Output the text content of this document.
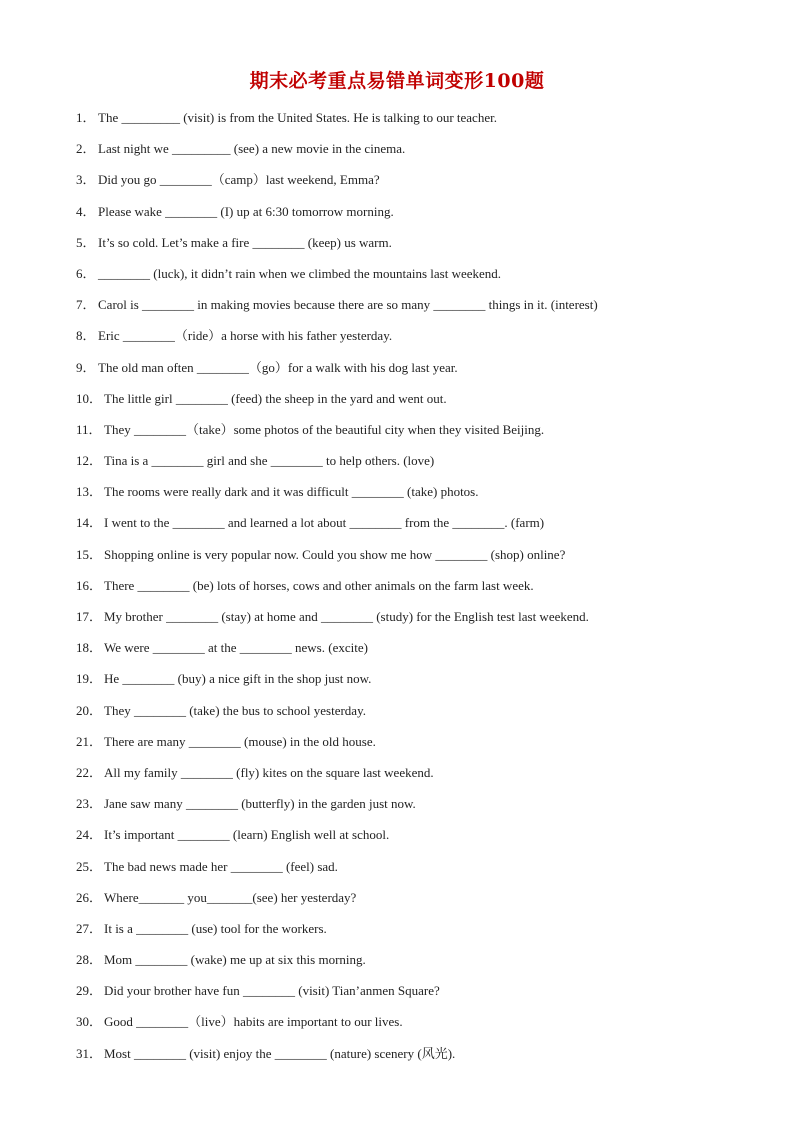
期末必考重点易错单词变形100题
1． The _________ (visit) is from the United States. He is talking to our teacher.
2． Last night we _________ (see) a new movie in the cinema.
3． Did you go ________（camp）last weekend, Emma?
4． Please wake ________ (I) up at 6:30 tomorrow morning.
5． It’s so cold. Let’s make a fire ________ (keep) us warm.
6． ________ (luck), it didn’t rain when we climbed the mountains last weekend.
7． Carol is ________ in making movies because there are so many ________ things in it. (interest)
8． Eric ________（ride）a horse with his father yesterday.
9． The old man often ________（go）for a walk with his dog last year.
10． The little girl ________ (feed) the sheep in the yard and went out.
11． They ________（take）some photos of the beautiful city when they visited Beijing.
12． Tina is a ________ girl and she ________ to help others. (love)
13． The rooms were really dark and it was difficult ________ (take) photos.
14． I went to the ________ and learned a lot about ________ from the ________. (farm)
15． Shopping online is very popular now. Could you show me how ________ (shop) online?
16． There ________ (be) lots of horses, cows and other animals on the farm last week.
17． My brother ________ (stay) at home and ________ (study) for the English test last weekend.
18． We were ________ at the ________ news. (excite)
19． He ________ (buy) a nice gift in the shop just now.
20． They ________ (take) the bus to school yesterday.
21． There are many ________ (mouse) in the old house.
22． All my family ________ (fly) kites on the square last weekend.
23． Jane saw many ________ (butterfly) in the garden just now.
24． It’s important ________ (learn) English well at school.
25． The bad news made her ________ (feel) sad.
26． Where_______ you_______(see) her yesterday?
27． It is a ________ (use) tool for the workers.
28． Mom ________ (wake) me up at six this morning.
29． Did your brother have fun ________ (visit) Tian’anmen Square?
30． Good ________（live）habits are important to our lives.
31． Most ________ (visit) enjoy the ________ (nature) scenery (风光).
